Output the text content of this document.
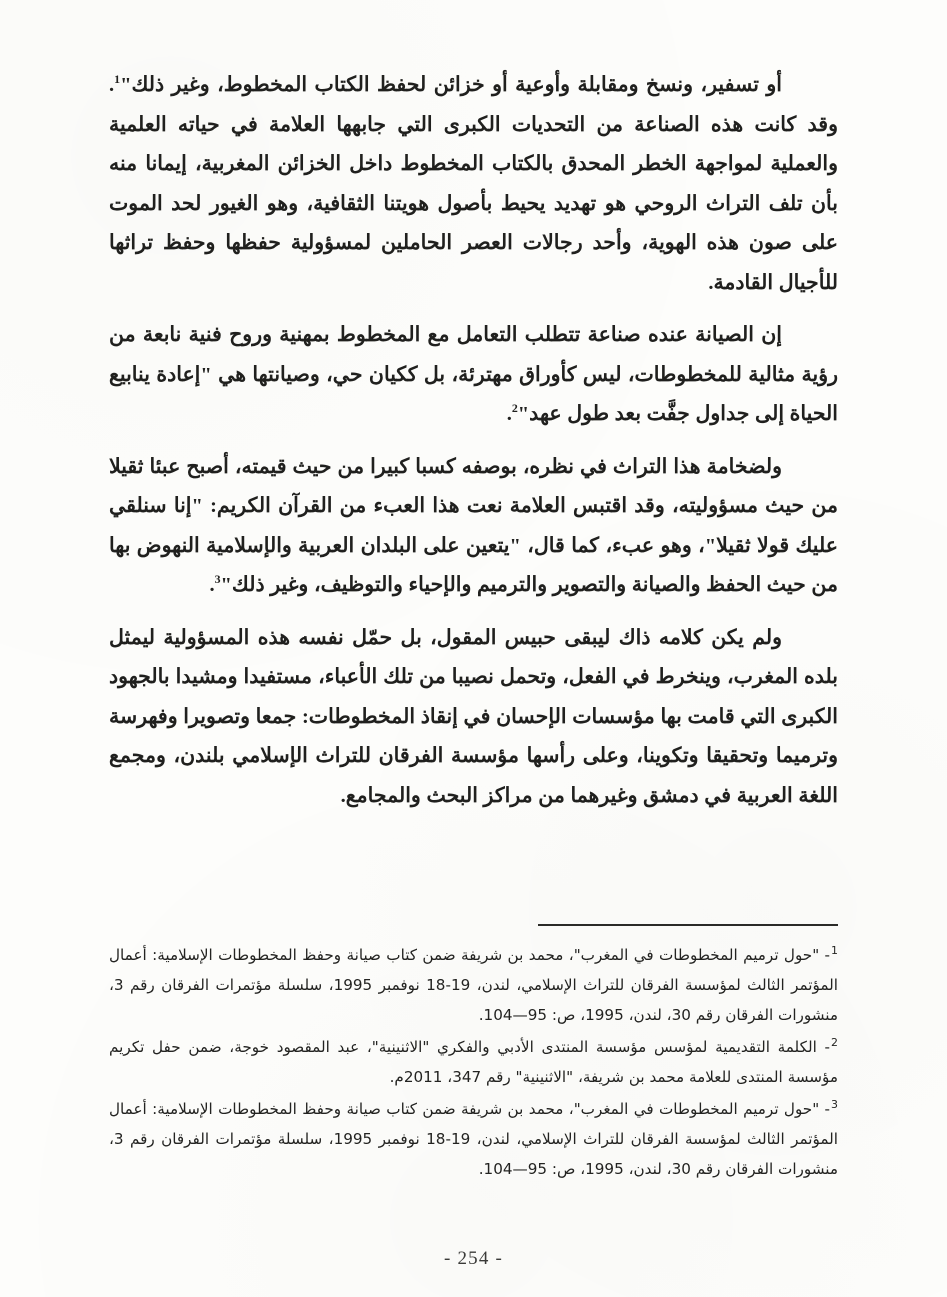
أو تسفير، ونسخ ومقابلة وأوعية أو خزائن لحفظ الكتاب المخطوط، وغير ذلك"$^1$. وقد كانت هذه الصناعة من التحديات الكبرى التي جابهها العلامة في حياته العلمية والعملية لمواجهة الخطر المحدق بالكتاب المخطوط داخل الخزائن المغربية، إيمانا منه بأن تلف التراث الروحي هو تهديد يحيط بأصول هويتنا الثقافية، وهو الغيور لحد الموت على صون هذه الهوية، وأحد رجالات العصر الحاملين لمسؤولية حفظها وحفظ تراثها للأجيال القادمة.

إن الصيانة عنده صناعة تتطلب التعامل مع المخطوط بمهنية وروح فنية نابعة من رؤية مثالية للمخطوطات، ليس كأوراق مهترئة، بل ككيان حي، وصيانتها هي "إعادة ينابيع الحياة إلى جداول جفَّت بعد طول عهد"$^2$.

ولضخامة هذا التراث في نظره، بوصفه كسبا كبيرا من حيث قيمته، أصبح عبئا ثقيلا من حيث مسؤوليته، وقد اقتبس العلامة نعت هذا العبء من القرآن الكريم: "إنا سنلقي عليك قولا ثقيلا"، وهو عبء، كما قال، "يتعين على البلدان العربية والإسلامية النهوض بها من حيث الحفظ والصيانة والتصوير والترميم والإحياء والتوظيف، وغير ذلك"$^3$.

ولم يكن كلامه ذاك ليبقى حبيس المقول، بل حمّل نفسه هذه المسؤولية ليمثل بلده المغرب، وينخرط في الفعل، وتحمل نصيبا من تلك الأعباء، مستفيدا ومشيدا بالجهود الكبرى التي قامت بها مؤسسات الإحسان في إنقاذ المخطوطات: جمعا وتصويرا وفهرسة وترميما وتحقيقا وتكوينا، وعلى رأسها مؤسسة الفرقان للتراث الإسلامي بلندن، ومجمع اللغة العربية في دمشق وغيرهما من مراكز البحث والمجامع.

$^1$- "حول ترميم المخطوطات في المغرب"، محمد بن شريفة ضمن كتاب صيانة وحفظ المخطوطات الإسلامية: أعمال المؤتمر الثالث لمؤسسة الفرقان للتراث الإسلامي، لندن، 19-18 نوفمبر 1995، سلسلة مؤتمرات الفرقان رقم 3، منشورات الفرقان رقم 30، لندن، 1995، ص: 95—104.

$^2$- الكلمة التقديمية لمؤسس مؤسسة المنتدى الأدبي والفكري "الاثنينية"، عبد المقصود خوجة، ضمن حفل تكريم مؤسسة المنتدى للعلامة محمد بن شريفة، "الاثنينية" رقم 347، 2011م.

$^3$- "حول ترميم المخطوطات في المغرب"، محمد بن شريفة ضمن كتاب صيانة وحفظ المخطوطات الإسلامية: أعمال المؤتمر الثالث لمؤسسة الفرقان للتراث الإسلامي، لندن، 19-18 نوفمبر 1995، سلسلة مؤتمرات الفرقان رقم 3، منشورات الفرقان رقم 30، لندن، 1995، ص: 95—104.

- 254 -
